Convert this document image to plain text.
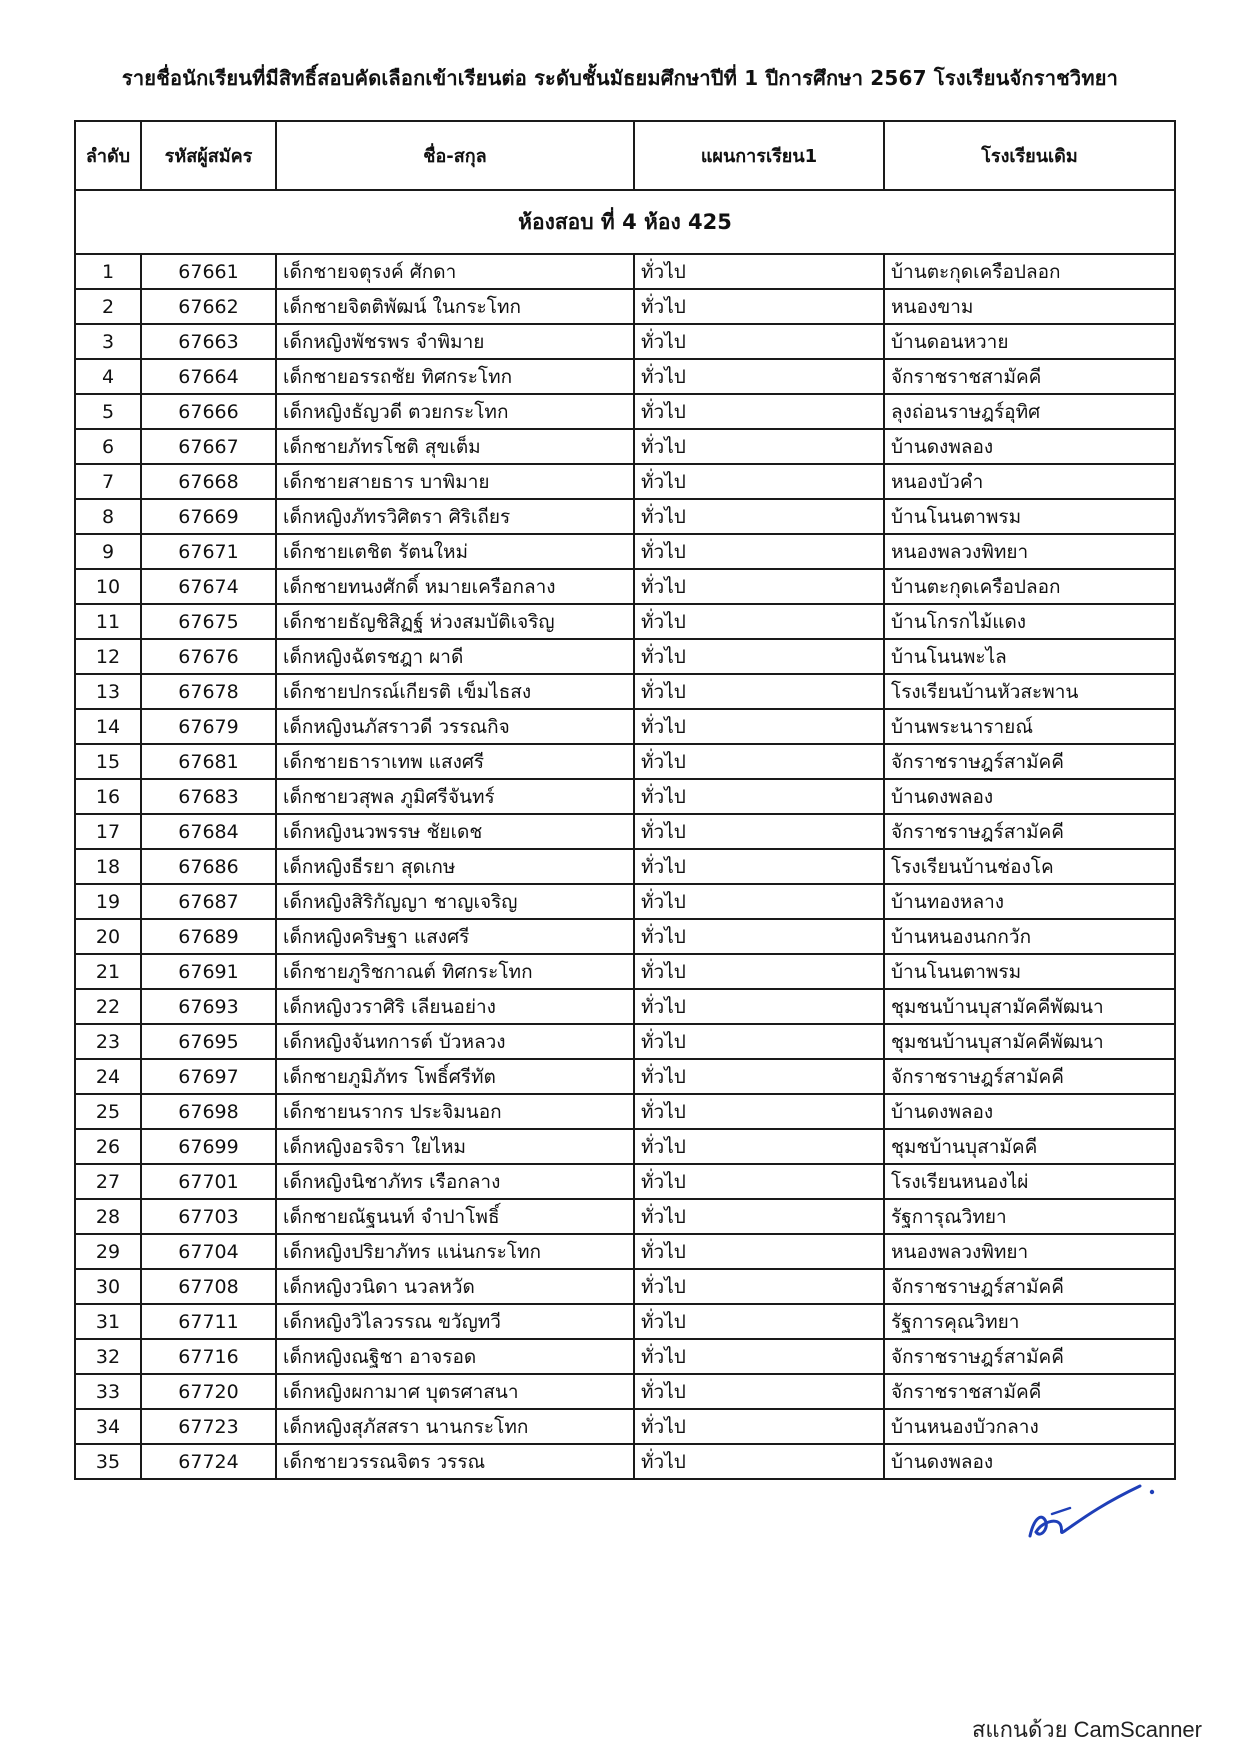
รายชื่อนักเรียนที่มีสิทธิ์สอบคัดเลือกเข้าเรียนต่อ ระดับชั้นมัธยมศึกษาปีที่ 1 ปีการศึกษา 2567 โรงเรียนจักราชวิทยา
ลำดับ	รหัสผู้สมัคร	ชื่อ-สกุล	แผนการเรียน1	โรงเรียนเดิม
ห้องสอบ ที่ 4 ห้อง 425				
1	67661	เด็กชายจตุรงค์ ศักดา	ทั่วไป	บ้านตะกุดเครือปลอก
2	67662	เด็กชายจิตติพัฒน์ ในกระโทก	ทั่วไป	หนองขาม
3	67663	เด็กหญิงพัชรพร จำพิมาย	ทั่วไป	บ้านดอนหวาย
4	67664	เด็กชายอรรถชัย ทิศกระโทก	ทั่วไป	จักราชราชสามัคคี
5	67666	เด็กหญิงธัญวดี ตวยกระโทก	ทั่วไป	ลุงถ่อนราษฎร์อุทิศ
6	67667	เด็กชายภัทรโชติ สุขเต็ม	ทั่วไป	บ้านดงพลอง
7	67668	เด็กชายสายธาร บาพิมาย	ทั่วไป	หนองบัวคำ
8	67669	เด็กหญิงภัทรวิศิตรา ศิริเถียร	ทั่วไป	บ้านโนนตาพรม
9	67671	เด็กชายเตชิต รัตนใหม่	ทั่วไป	หนองพลวงพิทยา
10	67674	เด็กชายทนงศักดิ์ หมายเครือกลาง	ทั่วไป	บ้านตะกุดเครือปลอก
11	67675	เด็กชายธัญชิสิฏฐ์ ห่วงสมบัติเจริญ	ทั่วไป	บ้านโกรกไม้แดง
12	67676	เด็กหญิงฉัตรชฎา ผาดี	ทั่วไป	บ้านโนนพะไล
13	67678	เด็กชายปกรณ์เกียรติ เข็มไธสง	ทั่วไป	โรงเรียนบ้านหัวสะพาน
14	67679	เด็กหญิงนภัสราวดี วรรณกิจ	ทั่วไป	บ้านพระนารายณ์
15	67681	เด็กชายธาราเทพ แสงศรี	ทั่วไป	จักราชราษฎร์สามัคคี
16	67683	เด็กชายวสุพล ภูมิศรีจันทร์	ทั่วไป	บ้านดงพลอง
17	67684	เด็กหญิงนวพรรษ ชัยเดช	ทั่วไป	จักราชราษฎร์สามัคคี
18	67686	เด็กหญิงธีรยา สุดเกษ	ทั่วไป	โรงเรียนบ้านช่องโค
19	67687	เด็กหญิงสิริกัญญา ชาญเจริญ	ทั่วไป	บ้านทองหลาง
20	67689	เด็กหญิงคริษฐา แสงศรี	ทั่วไป	บ้านหนองนกกวัก
21	67691	เด็กชายภูริชกาณต์ ทิศกระโทก	ทั่วไป	บ้านโนนตาพรม
22	67693	เด็กหญิงวราศิริ เลียนอย่าง	ทั่วไป	ชุมชนบ้านบุสามัคคีพัฒนา
23	67695	เด็กหญิงจันทการต์ บัวหลวง	ทั่วไป	ชุมชนบ้านบุสามัคคีพัฒนา
24	67697	เด็กชายภูมิภัทร โพธิ์ศรีทัต	ทั่วไป	จักราชราษฎร์สามัคคี
25	67698	เด็กชายนรากร ประจิมนอก	ทั่วไป	บ้านดงพลอง
26	67699	เด็กหญิงอรจิรา ใยไหม	ทั่วไป	ชุมชบ้านบุสามัคคี
27	67701	เด็กหญิงนิชาภัทร เรือกลาง	ทั่วไป	โรงเรียนหนองไผ่
28	67703	เด็กชายณัฐนนท์ จำปาโพธิ์	ทั่วไป	รัฐการุณวิทยา
29	67704	เด็กหญิงปริยาภัทร แน่นกระโทก	ทั่วไป	หนองพลวงพิทยา
30	67708	เด็กหญิงวนิดา นวลหวัด	ทั่วไป	จักราชราษฎร์สามัคคี
31	67711	เด็กหญิงวิไลวรรณ ขวัญทวี	ทั่วไป	รัฐการคุณวิทยา
32	67716	เด็กหญิงณฐิชา อาจรอด	ทั่วไป	จักราชราษฎร์สามัคคี
33	67720	เด็กหญิงผกามาศ บุตรศาสนา	ทั่วไป	จักราชราชสามัคคี
34	67723	เด็กหญิงสุภัสสรา นานกระโทก	ทั่วไป	บ้านหนองบัวกลาง
35	67724	เด็กชายวรรณจิตร วรรณ	ทั่วไป	บ้านดงพลอง
สแกนด้วย CamScanner
